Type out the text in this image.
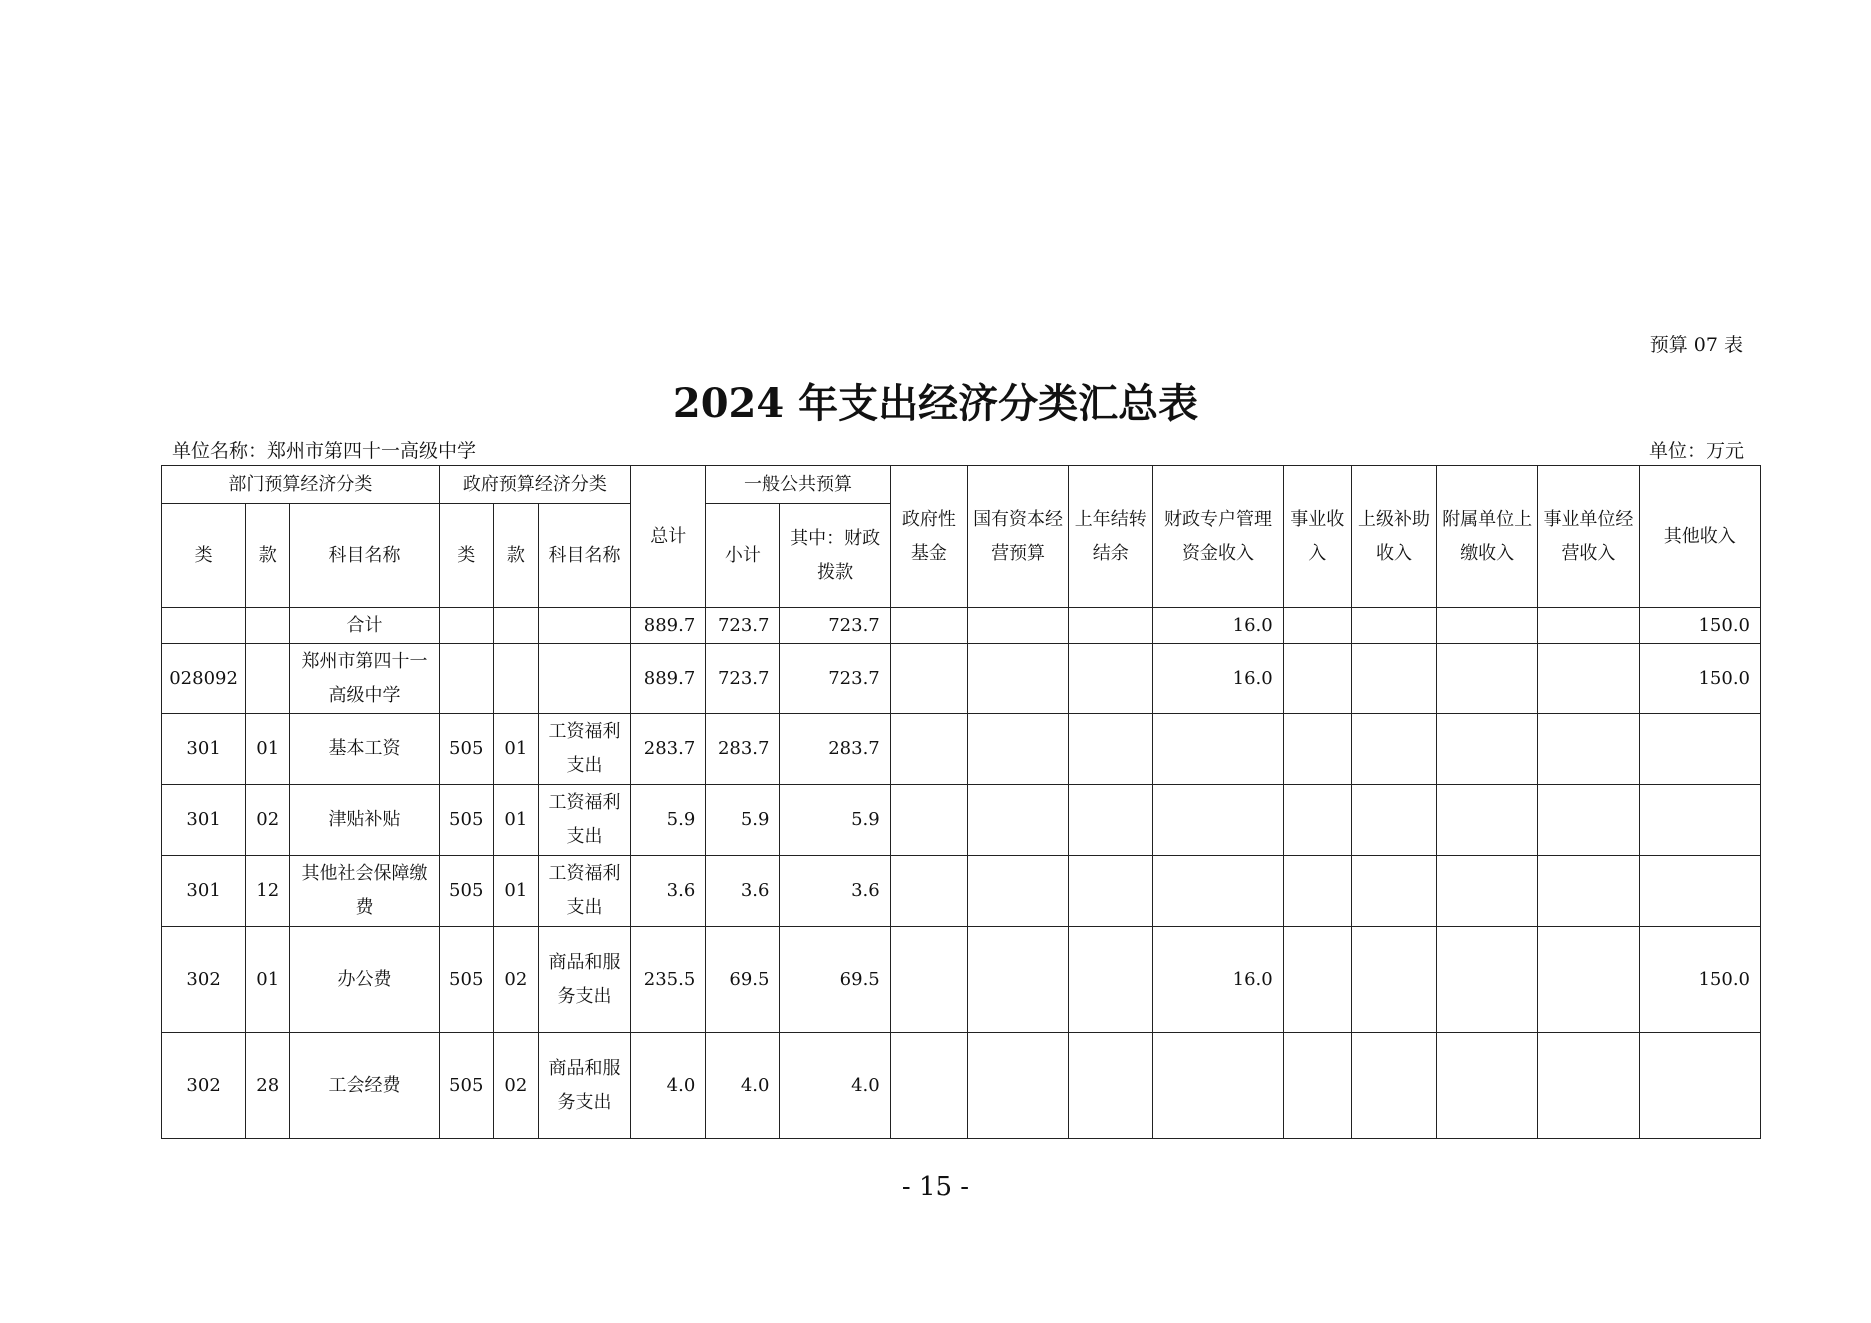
预算 07 表
2024 年支出经济分类汇总表
单位名称：郑州市第四十一高级中学	单位：万元
部门预算经济分类			政府预算经济分类			总计	一般公共预算		政府性基金	国有资本经营预算	上年结转结余	财政专户管理资金收入	事业收入	上级补助收入	附属单位上缴收入	事业单位经营收入	其他收入
类	款	科目名称	类	款	科目名称		小计	其中：财政拨款									
		合计				889.7	723.7	723.7				16.0					150.0
028092		郑州市第四十一高级中学				889.7	723.7	723.7				16.0					150.0
301	01	基本工资	505	01	工资福利支出	283.7	283.7	283.7									
301	02	津贴补贴	505	01	工资福利支出	5.9	5.9	5.9									
301	12	其他社会保障缴费	505	01	工资福利支出	3.6	3.6	3.6									
302	01	办公费	505	02	商品和服务支出	235.5	69.5	69.5				16.0					150.0
302	28	工会经费	505	02	商品和服务支出	4.0	4.0	4.0									
- 15 -
